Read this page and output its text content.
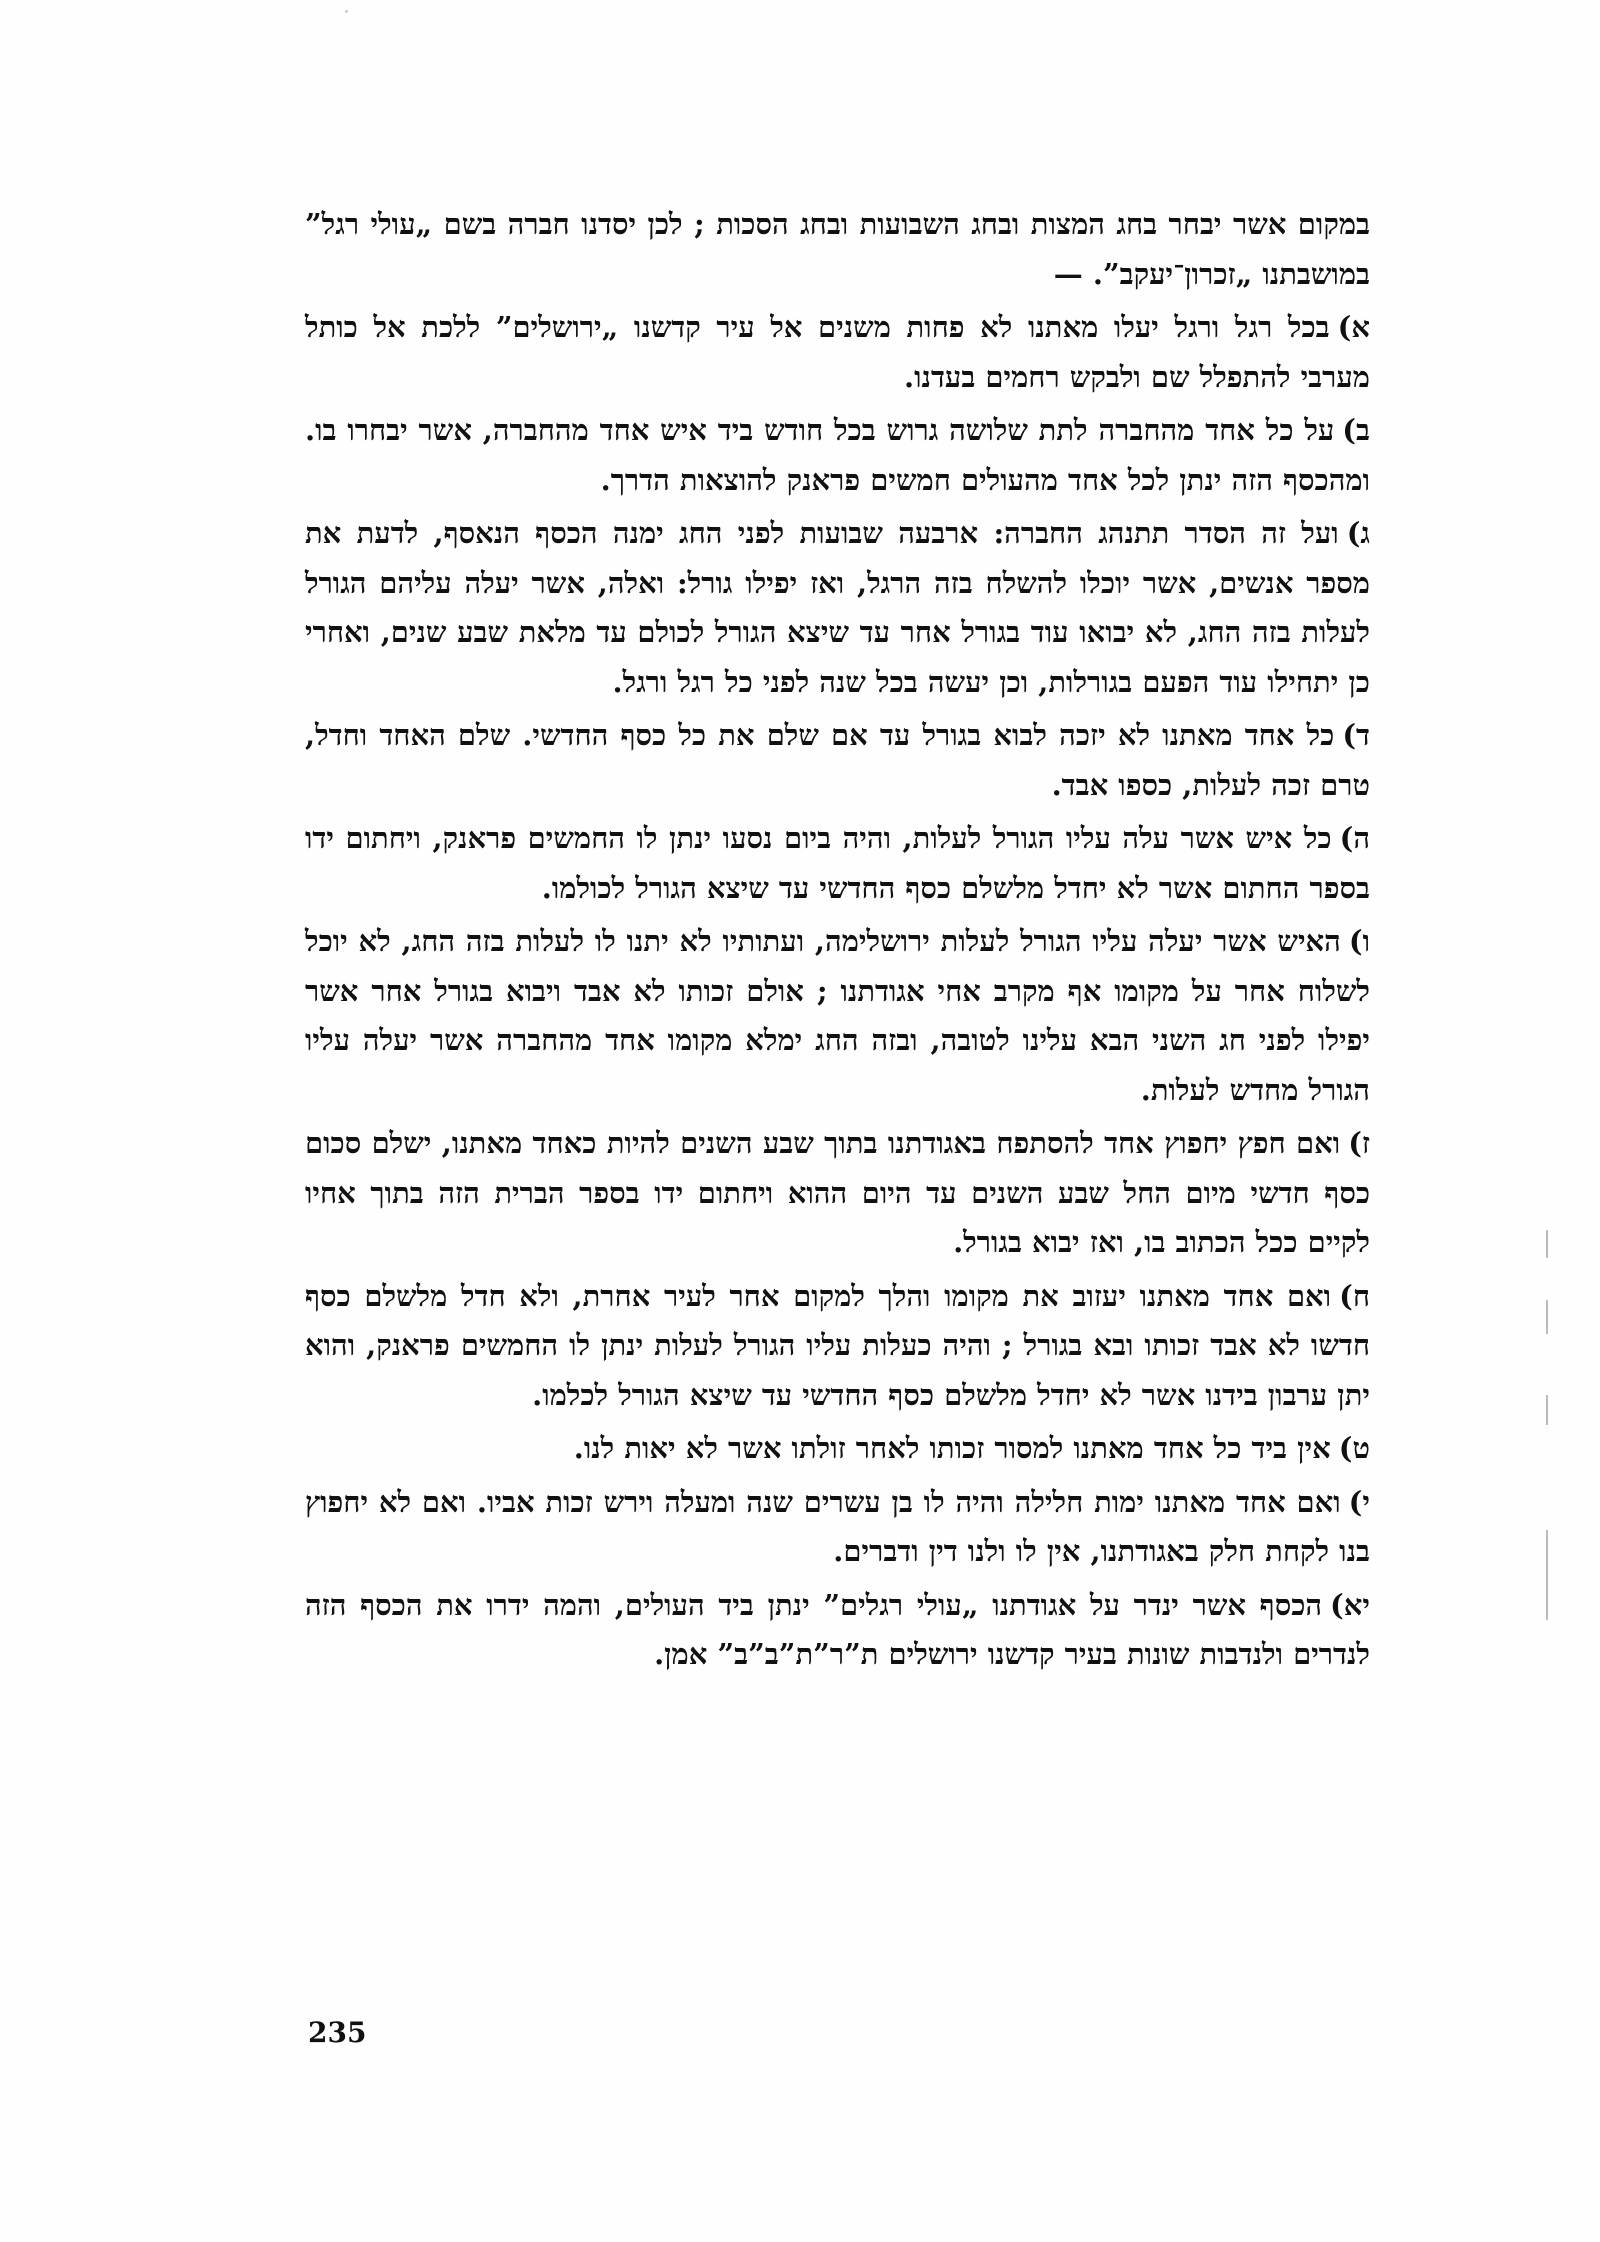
במקום אשר יבחר בחג המצות ובחג השבועות ובחג הסכות ; לכן יסדנו חברה בשם „עולי רגל” במושבתנו „זכרון־יעקב”. —

א)בכל רגל ורגל יעלו מאתנו לא פחות משנים אל עיר קדשנו „ירושלים” ללכת אל כותל מערבי להתפלל שם ולבקש רחמים בעדנו.

ב)על כל אחד מהחברה לתת שלושה גרוש בכל חודש ביד איש אחד מהחברה, אשר יבחרו בו. ומהכסף הזה ינתן לכל אחד מהעולים חמשים פראנק להוצאות הדרך.

ג)ועל זה הסדר תתנהג החברה: ארבעה שבועות לפני החג ימנה הכסף הנאסף, לדעת את מספר אנשים, אשר יוכלו להשלח בזה הרגל, ואז יפילו גורל: ואלה, אשר יעלה עליהם הגורל לעלות בזה החג, לא יבואו עוד בגורל אחר עד שיצא הגורל לכולם עד מלאת שבע שנים, ואחרי כן יתחילו עוד הפעם בגורלות, וכן יעשה בכל שנה לפני כל רגל ורגל.

ד)כל אחד מאתנו לא יזכה לבוא בגורל עד אם שלם את כל כסף החדשי. שלם האחד וחדל, טרם זכה לעלות, כספו אבד.

ה)כל איש אשר עלה עליו הגורל לעלות, והיה ביום נסעו ינתן לו החמשים פראנק, ויחתום ידו בספר החתום אשר לא יחדל מלשלם כסף החדשי עד שיצא הגורל לכולמו.

ו)האיש אשר יעלה עליו הגורל לעלות ירושלימה, ועתותיו לא יתנו לו לעלות בזה החג, לא יוכל לשלוח אחר על מקומו אף מקרב אחי אגודתנו ; אולם זכותו לא אבד ויבוא בגורל אחר אשר יפילו לפני חג השני הבא עלינו לטובה, ובזה החג ימלא מקומו אחד מהחברה אשר יעלה עליו הגורל מחדש לעלות.

ז)ואם חפץ יחפוץ אחד להסתפח באגודתנו בתוך שבע השנים להיות כאחד מאתנו, ישלם סכום כסף חדשי מיום החל שבע השנים עד היום ההוא ויחתום ידו בספר הברית הזה בתוך אחיו לקיים ככל הכתוב בו, ואז יבוא בגורל.

ח)ואם אחד מאתנו יעזוב את מקומו והלך למקום אחר לעיר אחרת, ולא חדל מלשלם כסף חדשו לא אבד זכותו ובא בגורל ; והיה כעלות עליו הגורל לעלות ינתן לו החמשים פראנק, והוא יתן ערבון בידנו אשר לא יחדל מלשלם כסף החדשי עד שיצא הגורל לכלמו.

ט)אין ביד כל אחד מאתנו למסור זכותו לאחר זולתו אשר לא יאות לנו.

י)ואם אחד מאתנו ימות חלילה והיה לו בן עשרים שנה ומעלה וירש זכות אביו. ואם לא יחפוץ בנו לקחת חלק באגודתנו, אין לו ולנו דין ודברים.

יא)הכסף אשר ינדר על אגודתנו „עולי רגלים” ינתן ביד העולים, והמה ידרו את הכסף הזה לנדרים ולנדבות שונות בעיר קדשנו ירושלים ת”ר”ת”ב”ב” אמן.

235
